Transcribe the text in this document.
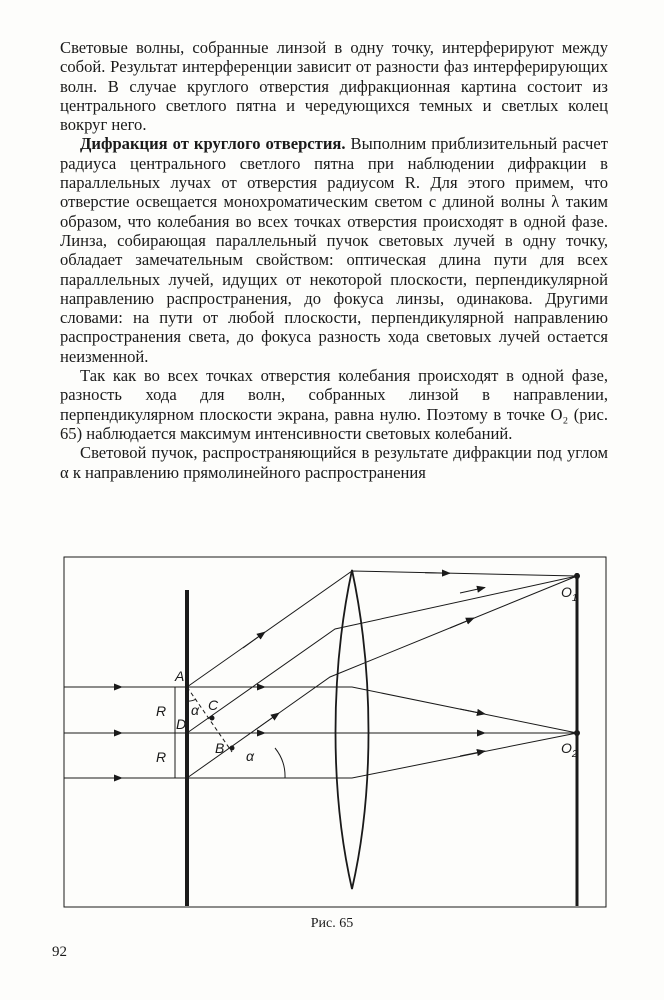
Световые волны, собранные линзой в одну точку, интерферируют между собой. Результат интерференции зависит от разности фаз интерферирующих волн. В случае круглого отверстия дифракционная картина состоит из центрального светлого пятна и чередующихся темных и светлых колец вокруг него.

Дифракция от круглого отверстия. Выполним приблизительный расчет радиуса центрального светлого пятна при наблюдении дифракции в параллельных лучах от отверстия радиусом R. Для этого примем, что отверстие освещается монохроматическим светом с длиной волны λ таким образом, что колебания во всех точках отверстия происходят в одной фазе. Линза, собирающая параллельный пучок световых лучей в одну точку, обладает замечательным свойством: оптическая длина пути для всех параллельных лучей, идущих от некоторой плоскости, перпендикулярной направлению распространения, до фокуса линзы, одинакова. Другими словами: на пути от любой плоскости, перпендикулярной направлению распространения света, до фокуса разность хода световых лучей остается неизменной.

Так как во всех точках отверстия колебания происходят в одной фазе, разность хода для волн, собранных линзой в направлении, перпендикулярном плоскости экрана, равна нулю. Поэтому в точке O₂ (рис. 65) наблюдается максимум интенсивности световых колебаний.

Световой пучок, распространяющийся в результате дифракции под углом α к направлению прямолинейного распространения

A
C
D
B
R
R
α
α
$O_1$
$O_2$
Рис. 65
92
